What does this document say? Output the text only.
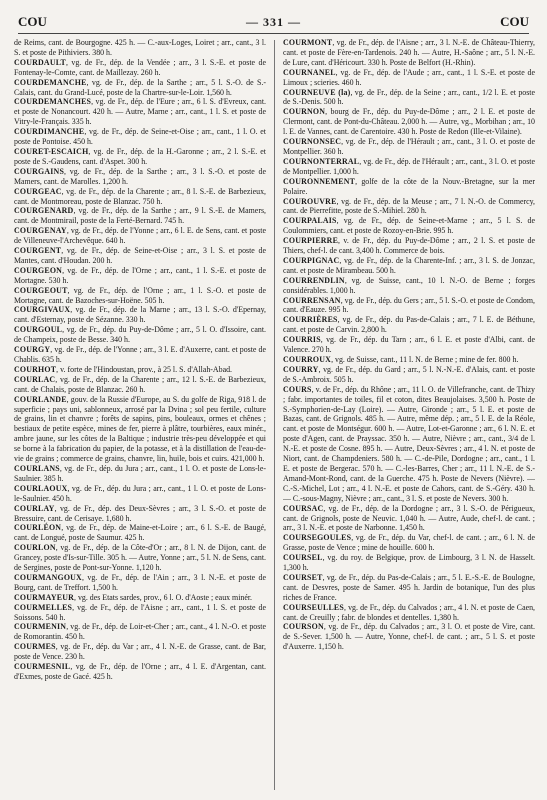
COU	— 331 —	COU

de Reims, cant. de Bourgogne. 425 h. — C.-aux-Loges, Loiret ; arr., cant., 3 l. S. et poste de Pithiviers. 380 h.

COURDAULT, vg. de Fr., dép. de la Vendée ; arr., 3 l. S.-E. et poste de Fontenay-le-Comte, cant. de Maillezay. 260 h.

COURDEMANCHE, vg. de Fr., dép. de la Sarthe ; arr., 5 l. S.-O. de S.-Calais, cant. du Grand-Lucé, poste de la Chartre-sur-le-Loir. 1,560 h.

COURDEMANCHES, vg. de Fr., dép. de l'Eure ; arr., 6 l. S. d'Evreux, cant. et poste de Nonancourt. 420 h. — Autre, Marne ; arr., cant., 1 l. S. et poste de Vitry-le-Français. 335 h.

COURDIMANCHE, vg. de Fr., dép. de Seine-et-Oise ; arr., cant., 1 l. O. et poste de Pontoise. 450 h.

COURET-ESCAICH, vg. de Fr., dép. de la H.-Garonne ; arr., 2 l. S.-E. et poste de S.-Gaudens, cant. d'Aspet. 300 h.

COURGAINS, vg. de Fr., dép. de la Sarthe ; arr., 3 l. S.-O. et poste de Mamers, cant. de Marolles. 1,200 h.

COURGEAC, vg. de Fr., dép. de la Charente ; arr., 8 l. S.-E. de Barbezieux, cant. de Montmoreau, poste de Blanzac. 750 h.

COURGENARD, vg. de Fr., dép. de la Sarthe ; arr., 9 l. S.-E. de Mamers, cant. de Montmirail, poste de la Ferté-Bernard. 745 h.

COURGENAY, vg. de Fr., dép. de l'Yonne ; arr., 6 l. E. de Sens, cant. et poste de Villeneuve-l'Archevêque. 640 h.

COURGENT, vg. de Fr., dép. de Seine-et-Oise ; arr., 3 l. S. et poste de Mantes, cant. d'Houdan. 200 h.

COURGEON, vg. de Fr., dép. de l'Orne ; arr., cant., 1 l. S.-E. et poste de Mortagne. 530 h.

COURGEOUT, vg. de Fr., dép. de l'Orne ; arr., 1 l. S.-O. et poste de Mortagne, cant. de Bazoches-sur-Hoëne. 505 h.

COURGIVAUX, vg. de Fr., dép. de la Marne ; arr., 13 l. S.-O. d'Epernay, cant. d'Esternay, poste de Sézanne. 330 h.

COURGOUL, vg. de Fr., dép. du Puy-de-Dôme ; arr., 5 l. O. d'Issoire, cant. de Champeix, poste de Besse. 340 h.

COURGY, vg. de Fr., dép. de l'Yonne ; arr., 3 l. E. d'Auxerre, cant. et poste de Chablis. 635 h.

COURHOT, v. forte de l'Hindoustan, prov., à 25 l. S. d'Allah-Abad.

COURLAC, vg. de Fr., dép. de la Charente ; arr., 12 l. S.-E. de Barbezieux, cant. de Chalais, poste de Blanzac. 260 h.

COURLANDE, gouv. de la Russie d'Europe, au S. du golfe de Riga, 918 l. de superficie ; pays uni, sablonneux, arrosé par la Dvina ; sol peu fertile, culture de grains, lin et chanvre ; forêts de sapins, pins, bouleaux, ormes et chênes ; bestiaux de petite espèce, mines de fer, pierre à plâtre, tourbières, eaux minér., ambre jaune, sur les côtes de la Baltique ; industrie très-peu développée et qui se borne à la fabrication du papier, de la potasse, et à la distillation de l'eau-de-vie de grains ; commerce de grains, chanvre, lin, huile, bois et cuirs. 421,000 h.

COURLANS, vg. de Fr., dép. du Jura ; arr., cant., 1 l. O. et poste de Lons-le-Saulnier. 385 h.

COURLAOUX, vg. de Fr., dép. du Jura ; arr., cant., 1 l. O. et poste de Lons-le-Saulnier. 450 h.

COURLAY, vg. de Fr., dép. des Deux-Sèvres ; arr., 3 l. S.-O. et poste de Bressuire, cant. de Cerisaye. 1,680 h.

COURLÉON, vg. de Fr., dép. de Maine-et-Loire ; arr., 6 l. S.-E. de Baugé, cant. de Longué, poste de Saumur. 425 h.

COURLON, vg. de Fr., dép. de la Côte-d'Or ; arr., 8 l. N. de Dijon, cant. de Grancey, poste d'Is-sur-Tille. 305 h. — Autre, Yonne ; arr., 5 l. N. de Sens, cant. de Sergines, poste de Pont-sur-Yonne. 1,120 h.

COURMANGOUX, vg. de Fr., dép. de l'Ain ; arr., 3 l. N.-E. et poste de Bourg, cant. de Treffort. 1,500 h.

COURMAYEUR, vg. des Etats sardes, prov., 6 l. O. d'Aoste ; eaux minér.

COURMELLES, vg. de Fr., dép. de l'Aisne ; arr., cant., 1 l. S. et poste de Soissons. 540 h.

COURMENIN, vg. de Fr., dép. de Loir-et-Cher ; arr., cant., 4 l. N.-O. et poste de Romorantin. 450 h.

COURMES, vg. de Fr., dép. du Var ; arr., 4 l. N.-E. de Grasse, cant. de Bar, poste de Vence. 230 h.

COURMESNIL, vg. de Fr., dép. de l'Orne ; arr., 4 l. E. d'Argentan, cant. d'Exmes, poste de Gacé. 425 h.

COURMONT, vg. de Fr., dép. de l'Aisne ; arr., 3 l. N.-E. de Château-Thierry, cant. et poste de Fère-en-Tardenois. 240 h. — Autre, H.-Saône ; arr., 5 l. N.-E. de Lure, cant. d'Héricourt. 330 h. Poste de Belfort (H.-Rhin).

COURNANEL, vg. de Fr., dép. de l'Aude ; arr., cant., 1 l. S.-E. et poste de Limoux ; scieries. 460 h.

COURNEUVE (la), vg. de Fr., dép. de la Seine ; arr., cant., 1/2 l. E. et poste de S.-Denis. 500 h.

COURNON, bourg de Fr., dép. du Puy-de-Dôme ; arr., 2 l. E. et poste de Clermont, cant. de Pont-du-Château. 2,000 h. — Autre, vg., Morbihan ; arr., 10 l. E. de Vannes, cant. de Carentoire. 430 h. Poste de Redon (Ille-et-Vilaine).

COURNONSEC, vg. de Fr., dép. de l'Hérault ; arr., cant., 3 l. O. et poste de Montpellier. 360 h.

COURNONTERRAL, vg. de Fr., dép. de l'Hérault ; arr., cant., 3 l. O. et poste de Montpellier. 1,000 h.

COURONNEMENT, golfe de la côte de la Nouv.-Bretagne, sur la mer Polaire.

COUROUVRE, vg. de Fr., dép. de la Meuse ; arr., 7 l. N.-O. de Commercy, cant. de Pierrefitte, poste de S.-Mihiel. 280 h.

COURPALAIS, vg. de Fr., dép. de Seine-et-Marne ; arr., 5 l. S. de Coulommiers, cant. et poste de Rozoy-en-Brie. 995 h.

COURPIERRE, v. de Fr., dép. du Puy-de-Dôme ; arr., 2 l. S. et poste de Thiers, chef-l. de cant. 3,400 h. Commerce de bois.

COURPIGNAC, vg. de Fr., dép. de la Charente-Inf. ; arr., 3 l. S. de Jonzac, cant. et poste de Mirambeau. 500 h.

COURRENDLIN, vg. de Suisse, cant., 10 l. N.-O. de Berne ; forges considérables. 1,000 h.

COURRENSAN, vg. de Fr., dép. du Gers ; arr., 5 l. S.-O. et poste de Condom, cant. d'Eauze. 995 h.

COURRIÈRES, vg. de Fr., dép. du Pas-de-Calais ; arr., 7 l. E. de Béthune, cant. et poste de Carvin. 2,800 h.

COURRIS, vg. de Fr., dép. du Tarn ; arr., 6 l. E. et poste d'Albi, cant. de Valence. 270 h.

COURROUX, vg. de Suisse, cant., 11 l. N. de Berne ; mine de fer. 800 h.

COURRY, vg. de Fr., dép. du Gard ; arr., 5 l. N.-N.-E. d'Alais, cant. et poste de S.-Ambroix. 505 h.

COURS, v. de Fr., dép. du Rhône ; arr., 11 l. O. de Villefranche, cant. de Thizy ; fabr. importantes de toiles, fil et coton, dites Beaujolaises. 3,500 h. Poste de S.-Symphorien-de-Lay (Loire). — Autre, Gironde ; arr., 5 l. E. et poste de Bazas, cant. de Grignols. 485 h. — Autre, même dép. ; arr., 5 l. E. de la Réole, cant. et poste de Montségur. 600 h. — Autre, Lot-et-Garonne ; arr., 6 l. N. E. et poste d'Agen, cant. de Prayssac. 350 h. — Autre, Nièvre ; arr., cant., 3/4 de l. N.-E. et poste de Cosne. 895 h. — Autre, Deux-Sèvres ; arr., 4 l. N. et poste de Niort, cant. de Champdeniers. 580 h. — C.-de-Pile, Dordogne ; arr., cant., 1 l. E. et poste de Bergerac. 570 h. — C.-les-Barres, Cher ; arr., 11 l. N.-E. de S.-Amand-Mont-Rond, cant. de la Guerche. 475 h. Poste de Nevers (Nièvre). — C.-S.-Michel, Lot ; arr., 4 l. N.-E. et poste de Cahors, cant. de S.-Géry. 430 h. — C.-sous-Magny, Nièvre ; arr., cant., 3 l. S. et poste de Nevers. 300 h.

COURSAC, vg. de Fr., dép. de la Dordogne ; arr., 3 l. S.-O. de Périgueux, cant. de Grignols, poste de Neuvic. 1,040 h. — Autre, Aude, chef-l. de cant. ; arr., 3 l. N.-E. et poste de Narbonne. 1,450 h.

COURSEGOULES, vg. de Fr., dép. du Var, chef-l. de cant. ; arr., 6 l. N. de Grasse, poste de Vence ; mine de houille. 600 h.

COURSEL, vg. du roy. de Belgique, prov. de Limbourg, 3 l. N. de Hasselt. 1,300 h.

COURSET, vg. de Fr., dép. du Pas-de-Calais ; arr., 5 l. E.-S.-E. de Boulogne, cant. de Desvres, poste de Samer. 495 h. Jardin de botanique, l'un des plus riches de France.

COURSEULLES, vg. de Fr., dép. du Calvados ; arr., 4 l. N. et poste de Caen, cant. de Creuilly ; fabr. de blondes et dentelles. 1,380 h.

COURSON, vg. de Fr., dép. du Calvados ; arr., 3 l. O. et poste de Vire, cant. de S.-Sever. 1,500 h. — Autre, Yonne, chef-l. de cant. ; arr., 5 l. S. et poste d'Auxerre. 1,150 h.
